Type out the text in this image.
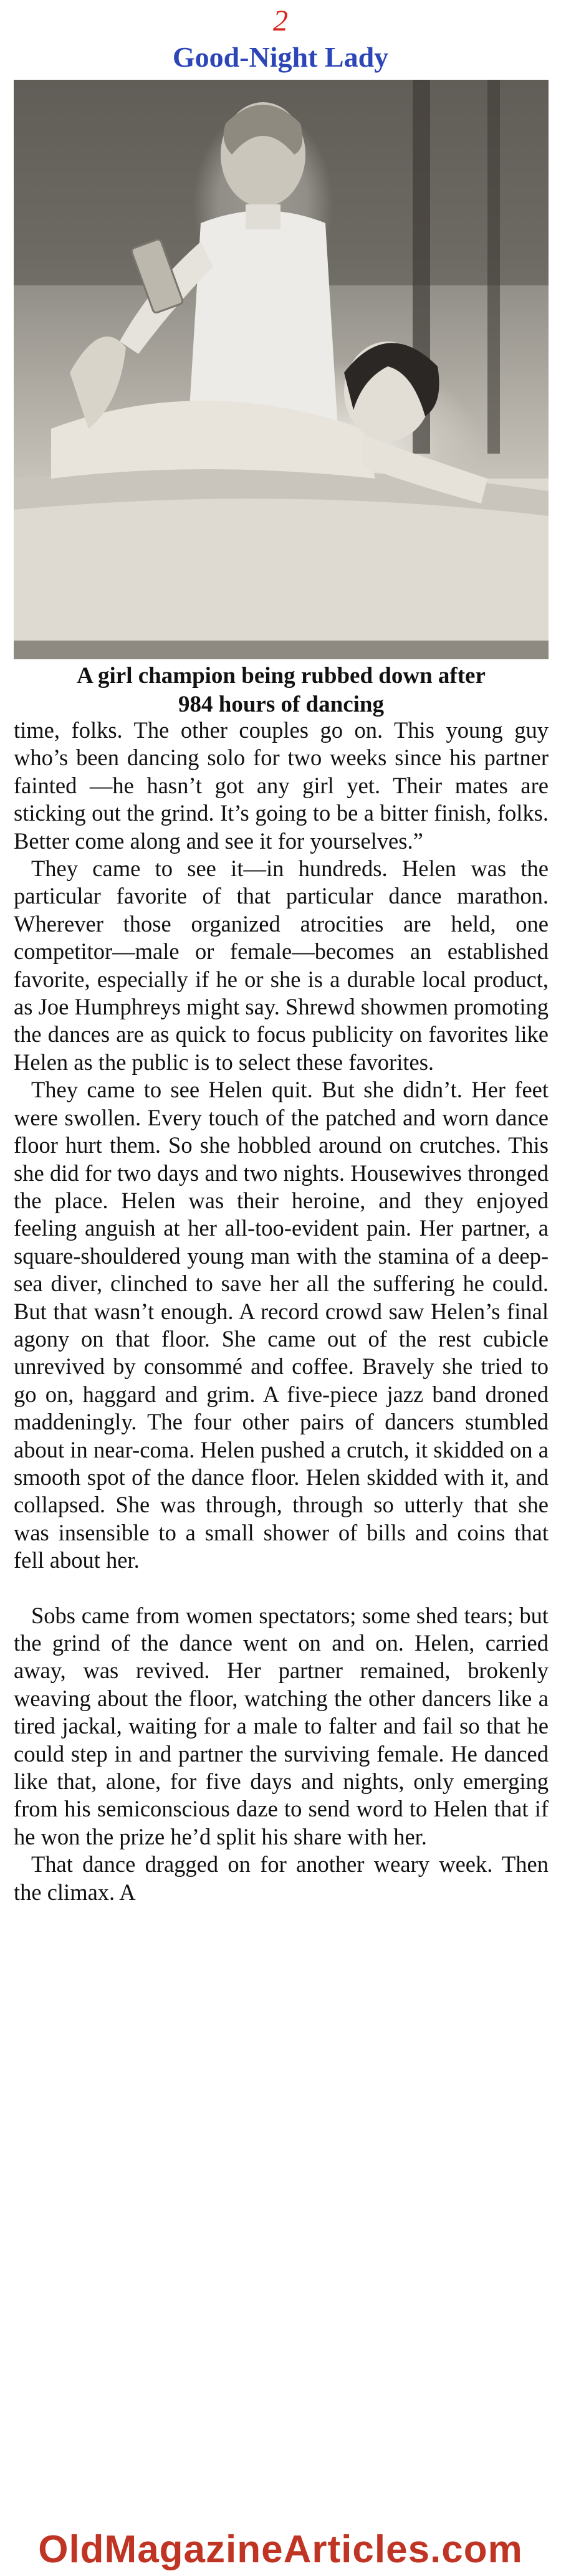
2
Good-Night Lady
A girl champion being rubbed down after
984 hours of dancing

time, folks. The other couples go on. This young guy who’s been dancing solo for two weeks since his partner fainted —he hasn’t got any girl yet. Their mates are sticking out the grind. It’s going to be a bitter finish, folks. Better come along and see it for yourselves.”

They came to see it—in hundreds. Helen was the particular favorite of that particular dance marathon. Wherever those organized atrocities are held, one competitor—male or female—becomes an established favorite, especially if he or she is a durable local product, as Joe Humphreys might say. Shrewd showmen promoting the dances are as quick to focus publicity on favorites like Helen as the public is to select these favorites.

They came to see Helen quit. But she didn’t. Her feet were swollen. Every touch of the patched and worn dance floor hurt them. So she hobbled around on crutches. This she did for two days and two nights. Housewives thronged the place. Helen was their heroine, and they enjoyed feeling anguish at her all-too-evident pain. Her partner, a square-shouldered young man with the stamina of a deep-sea diver, clinched to save her all the suffering he could. But that wasn’t enough. A record crowd saw Helen’s final agony on that floor. She came out of the rest cubicle unrevived by consommé and coffee. Bravely she tried to go on, haggard and grim. A five-piece jazz band droned maddeningly. The four other pairs of dancers stumbled about in near-coma. Helen pushed a crutch, it skidded on a smooth spot of the dance floor. Helen skidded with it, and collapsed. She was through, through so utterly that she was insensible to a small shower of bills and coins that fell about her.

Sobs came from women spectators; some shed tears; but the grind of the dance went on and on. Helen, carried away, was revived. Her partner remained, brokenly weaving about the floor, watching the other dancers like a tired jackal, waiting for a male to falter and fail so that he could step in and partner the surviving female. He danced like that, alone, for five days and nights, only emerging from his semiconscious daze to send word to Helen that if he won the prize he’d split his share with her.

That dance dragged on for another weary week. Then the climax. A

OldMagazineArticles.com
